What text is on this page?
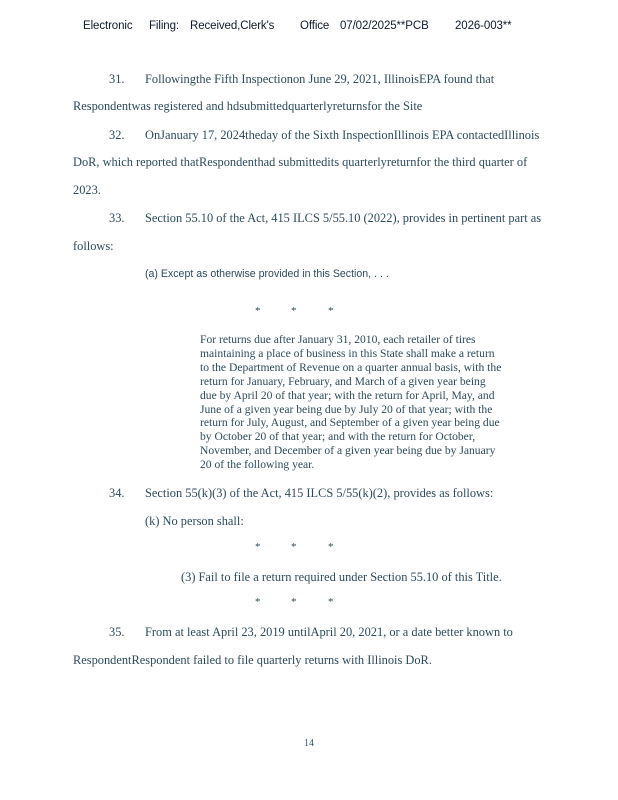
Electronic Filing: Received,Clerk's Office 07/02/2025**PCB 2026-003**
31. Followingthe Fifth Inspectionon June 29, 2021, IllinoisEPA found that
Respondentwas registered and hdsubmittedquarterlyreturnsfor the Site
32. OnJanuary 17, 2024theday of the Sixth InspectionIllinois EPA contactedIllinois
DoR, which reported thatRespondenthad submittedits quarterlyreturnfor the third quarter of
2023.
33. Section 55.10 of the Act, 415 ILCS 5/55.10 (2022), provides in pertinent part as
follows:
(a) Except as otherwise provided in this Section, . . .
*	*	*
For returns due after January 31, 2010, each retailer of tires
maintaining a place of business in this State shall make a return
to the Department of Revenue on a quarter annual basis, with the
return for January, February, and March of a given year being
due by April 20 of that year; with the return for April, May, and
June of a given year being due by July 20 of that year; with the
return for July, August, and September of a given year being due
by October 20 of that year; and with the return for October,
November, and December of a given year being due by January
20 of the following year.
34. Section 55(k)(3) of the Act, 415 ILCS 5/55(k)(2), provides as follows:
(k) No person shall:
*	*	*
(3) Fail to file a return required under Section 55.10 of this Title.
*	*	*
35. From at least April 23, 2019 untilApril 20, 2021, or a date better known to
RespondentRespondent failed to file quarterly returns with Illinois DoR.
14
